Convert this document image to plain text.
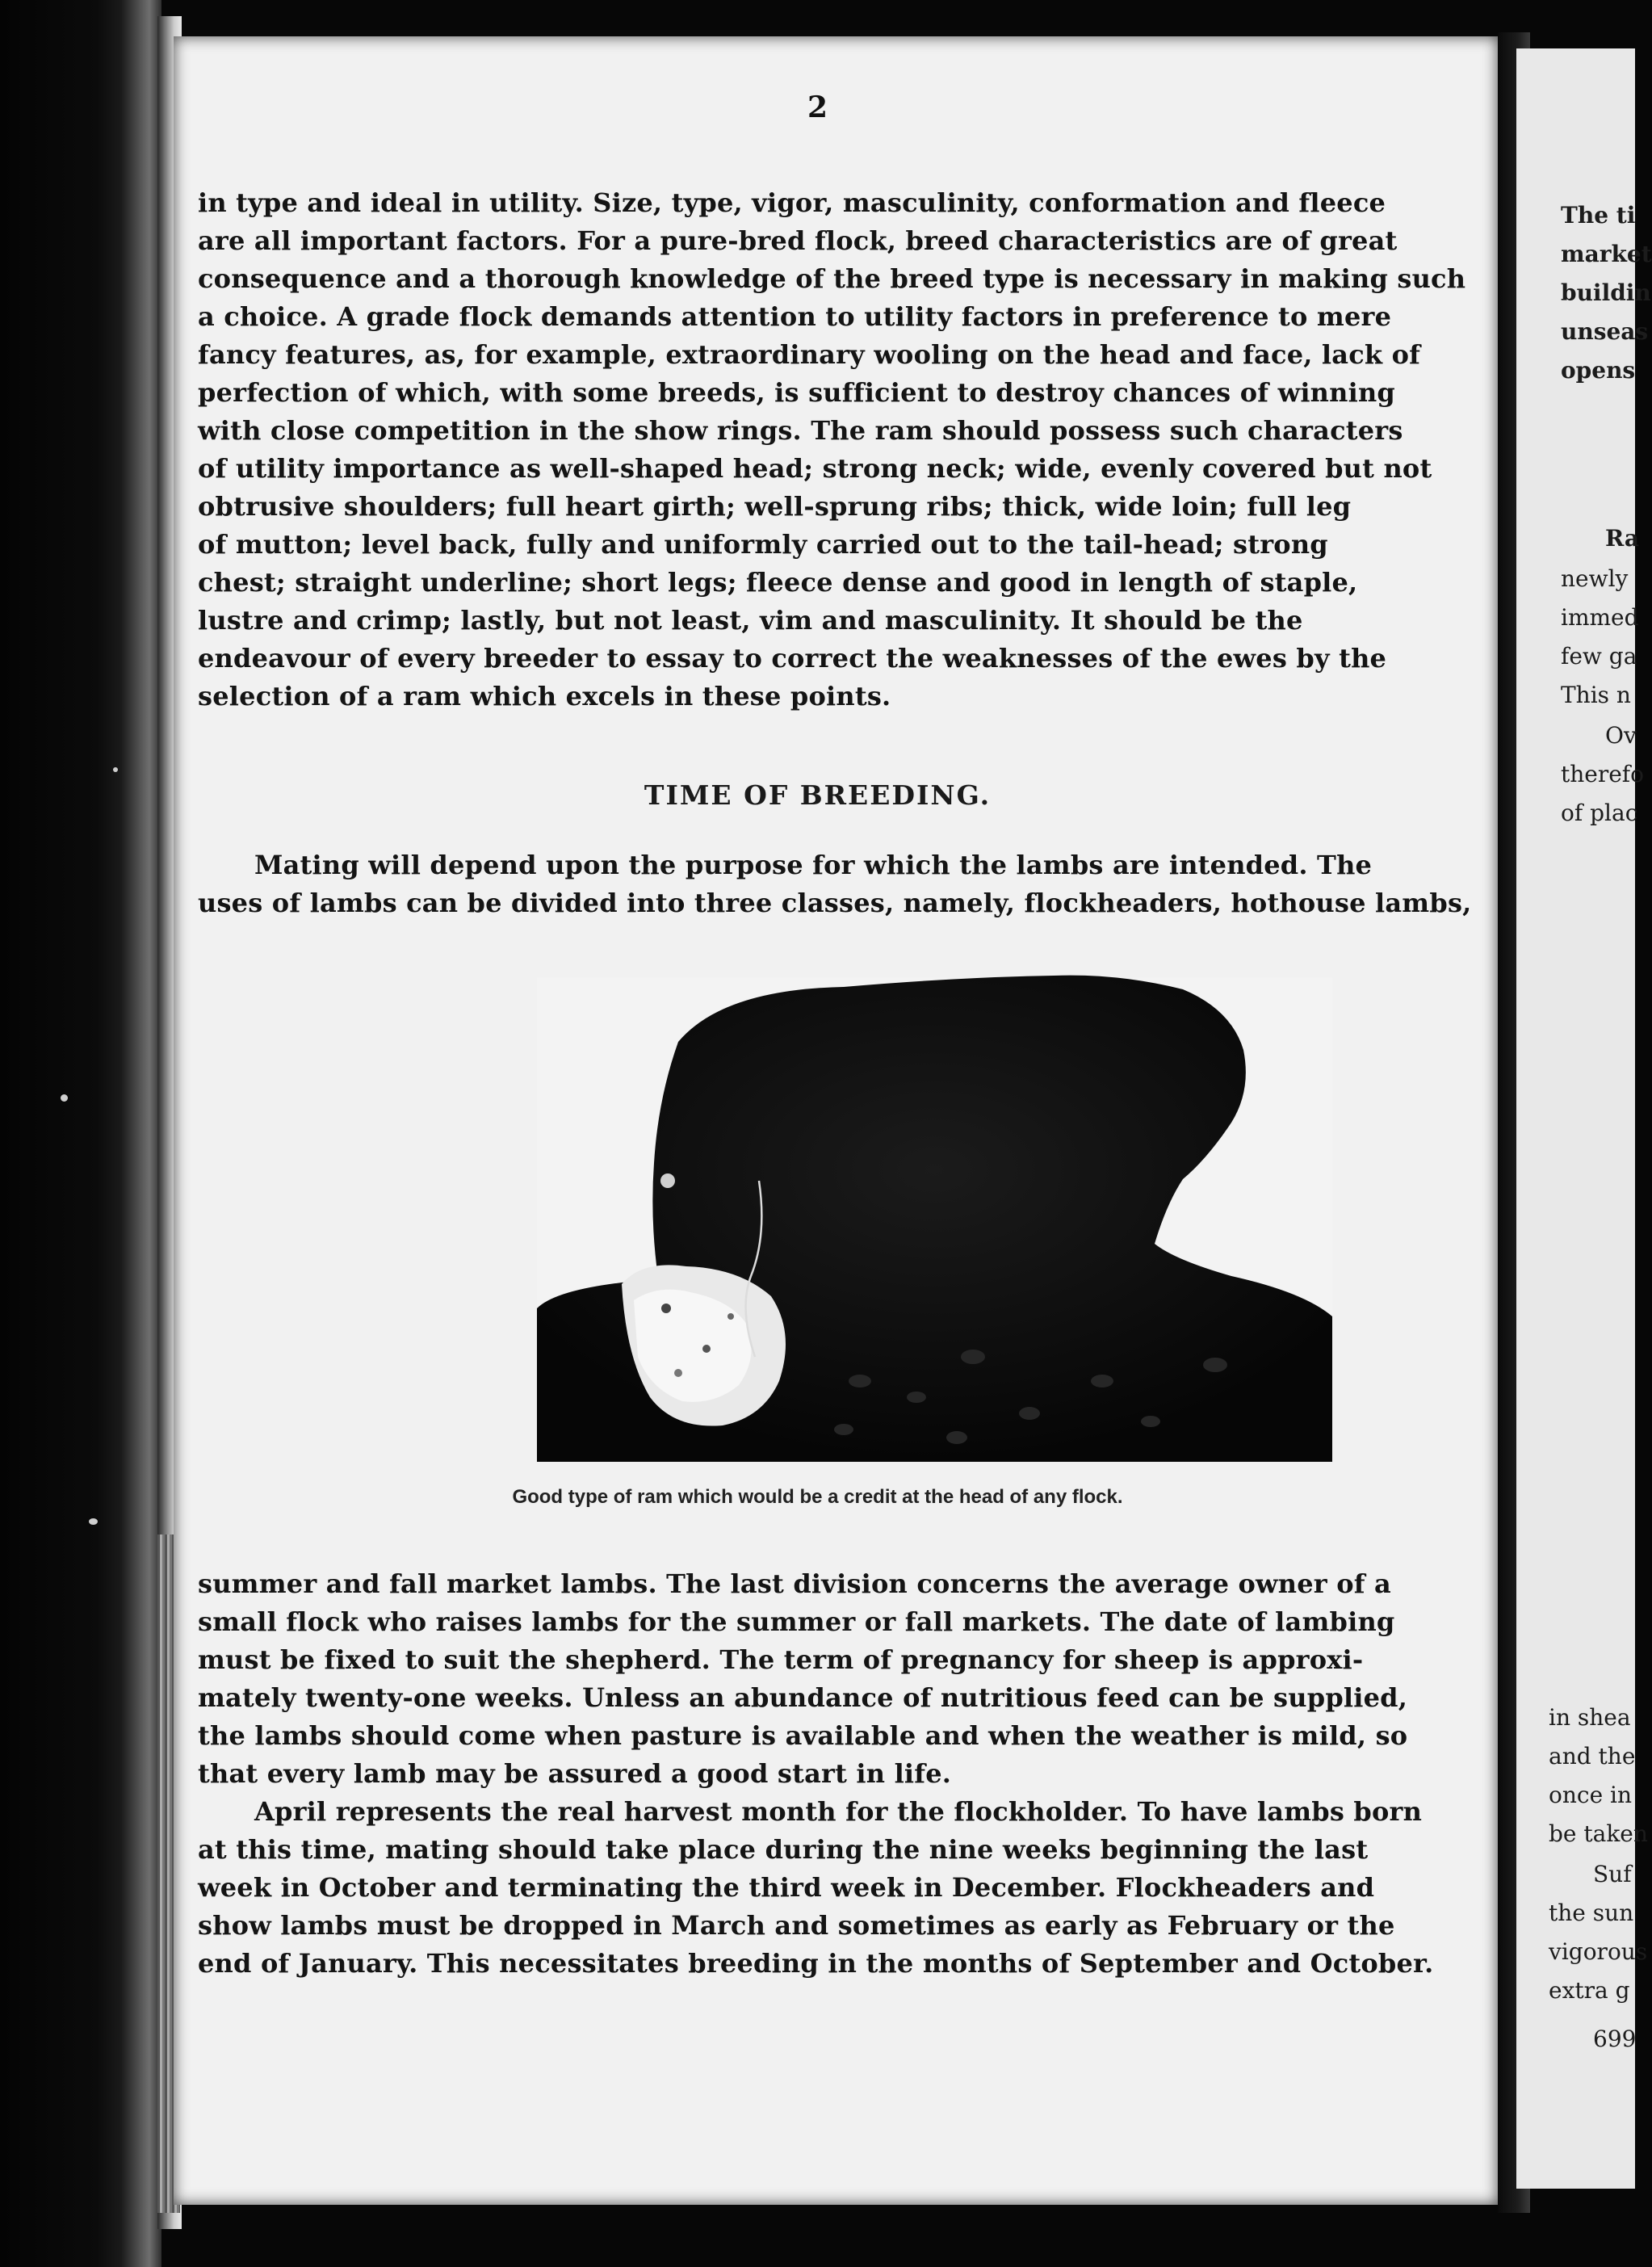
2
in type and ideal in utility. Size, type, vigor, masculinity, conformation and fleece
are all important factors. For a pure-bred flock, breed characteristics are of great
consequence and a thorough knowledge of the breed type is necessary in making such
a choice. A grade flock demands attention to utility factors in preference to mere
fancy features, as, for example, extraordinary wooling on the head and face, lack of
perfection of which, with some breeds, is sufficient to destroy chances of winning
with close competition in the show rings. The ram should possess such characters
of utility importance as well-shaped head; strong neck; wide, evenly covered but not
obtrusive shoulders; full heart girth; well-sprung ribs; thick, wide loin; full leg
of mutton; level back, fully and uniformly carried out to the tail-head; strong
chest; straight underline; short legs; fleece dense and good in length of staple,
lustre and crimp; lastly, but not least, vim and masculinity. It should be the
endeavour of every breeder to essay to correct the weaknesses of the ewes by the
selection of a ram which excels in these points.
TIME OF BREEDING.
Mating will depend upon the purpose for which the lambs are intended. The
uses of lambs can be divided into three classes, namely, flockheaders, hothouse lambs,
Good type of ram which would be a credit at the head of any flock.
summer and fall market lambs. The last division concerns the average owner of a
small flock who raises lambs for the summer or fall markets. The date of lambing
must be fixed to suit the shepherd. The term of pregnancy for sheep is approxi-
mately twenty-one weeks. Unless an abundance of nutritious feed can be supplied,
the lambs should come when pasture is available and when the weather is mild, so
that every lamb may be assured a good start in life.
April represents the real harvest month for the flockholder. To have lambs born
at this time, mating should take place during the nine weeks beginning the last
week in October and terminating the third week in December. Flockheaders and
show lambs must be dropped in March and sometimes as early as February or the
end of January. This necessitates breeding in the months of September and October.
The ti
market
buildin
unseas
opens
Ra
newly
immed
few ga
This n
Ov
therefo
of plac
in shea
and the
once in
be taken
Suf
the sun
vigorous
extra g
699
